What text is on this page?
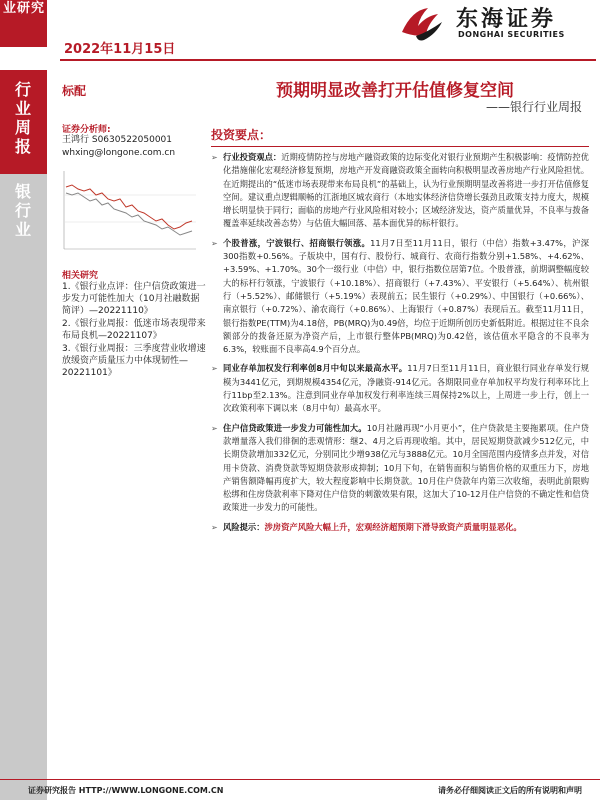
业研究
2022年11月15日
东海证券
DONGHAI SECURITIES
行业周报
银行业
标配	预期明显改善打开估值修复空间
——银行行业周报
证券分析师:
王鸿行 S0630522050001
whxing@longone.com.cn
相关研究

1.《银行业点评：住户信贷政策进一步发力可能性加大（10月社融数据简评）—20221110》

2.《银行业周报：低迷市场表现带来布局良机—20221107》

3.《银行业周报：三季度营业收增速放缓资产质量压力中体现韧性—20221101》

投资要点：
➢ 行业投资观点：近期疫情防控与房地产融资政策的边际变化对银行业预期产生积极影响：疫情防控优化措施催化宏观经济修复预期，房地产开发商融资政策全面转向积极明显改善房地产行业风险担忧。在近期提出的“低迷市场表现带来布局良机”的基础上，认为行业预期明显改善将进一步打开估值修复空间。建议重点逻辑顺畅的江浙地区城农商行（本地实体经济信贷增长强劲且政策支持力度大，规模增长明显快于同行；面临的房地产行业风险相对较小；区域经济发达，资产质量优异，不良率与拨备覆盖率延续改善态势）与估值大幅回落、基本面优异的标杆银行。
➢ 个股普涨，宁波银行、招商银行领涨。11月7日至11月11日，银行（中信）指数+3.47%，沪深300指数+0.56%。子版块中，国有行、股份行、城商行、农商行指数分别+1.58%、+4.62%、+3.59%、+1.70%。30个一级行业（中信）中，银行指数位居第7位。个股普涨，前期调整幅度较大的标杆行领涨，宁波银行（+10.18%）、招商银行（+7.43%）、平安银行（+5.64%）、杭州银行（+5.52%）、邮储银行（+5.19%）表现前五；民生银行（+0.29%）、中国银行（+0.66%）、南京银行（+0.72%）、渝农商行（+0.86%）、上海银行（+0.87%）表现后五。截至11月11日，银行指数PE(TTM)为4.18倍，PB(MRQ)为0.49倍，均位于近期所创历史新低附近。根据过往不良余额部分的拨备还原为净资产后，上市银行整体PB(MRQ)为0.42倍，该估值水平隐含的不良率为6.3%，较账面不良率高4.9个百分点。
➢ 同业存单加权发行利率创8月中旬以来最高水平。11月7日至11月11日，商业银行同业存单发行规模为3441亿元，到期规模4354亿元，净融资-914亿元。各期限同业存单加权平均发行利率环比上行11bp至2.13%。注意到同业存单加权发行利率连续三周保持2%以上，上周进一步上行，创上一次政策利率下调以来（8月中旬）最高水平。
➢ 住户信贷政策进一步发力可能性加大。10月社融再现“小月更小”，住户贷款是主要拖累项。住户贷款增量落入我们徘徊的悲观情形：继2、4月之后再现收缩。其中，居民短期贷款减少512亿元，中长期贷款增加332亿元，分别同比少增938亿元与3888亿元。10月全国范围内疫情多点并发，对信用卡贷款、消费贷款等短期贷款形成抑制；10月下旬，在销售面积与销售价格的双重压力下，房地产销售额降幅再度扩大，较大程度影响中长期贷款。10月住户贷款年内第三次收缩，表明此前限购松绑和住房贷款利率下降对住户信贷的刺激效果有限，这加大了10-12月住户信贷的不确定性和信贷政策进一步发力的可能性。
➢ 风险提示：涉房资产风险大幅上升，宏观经济超预期下滑导致资产质量明显恶化。
证券研究报告 HTTP://WWW.LONGONE.COM.CN	请务必仔细阅读正文后的所有说明和声明
